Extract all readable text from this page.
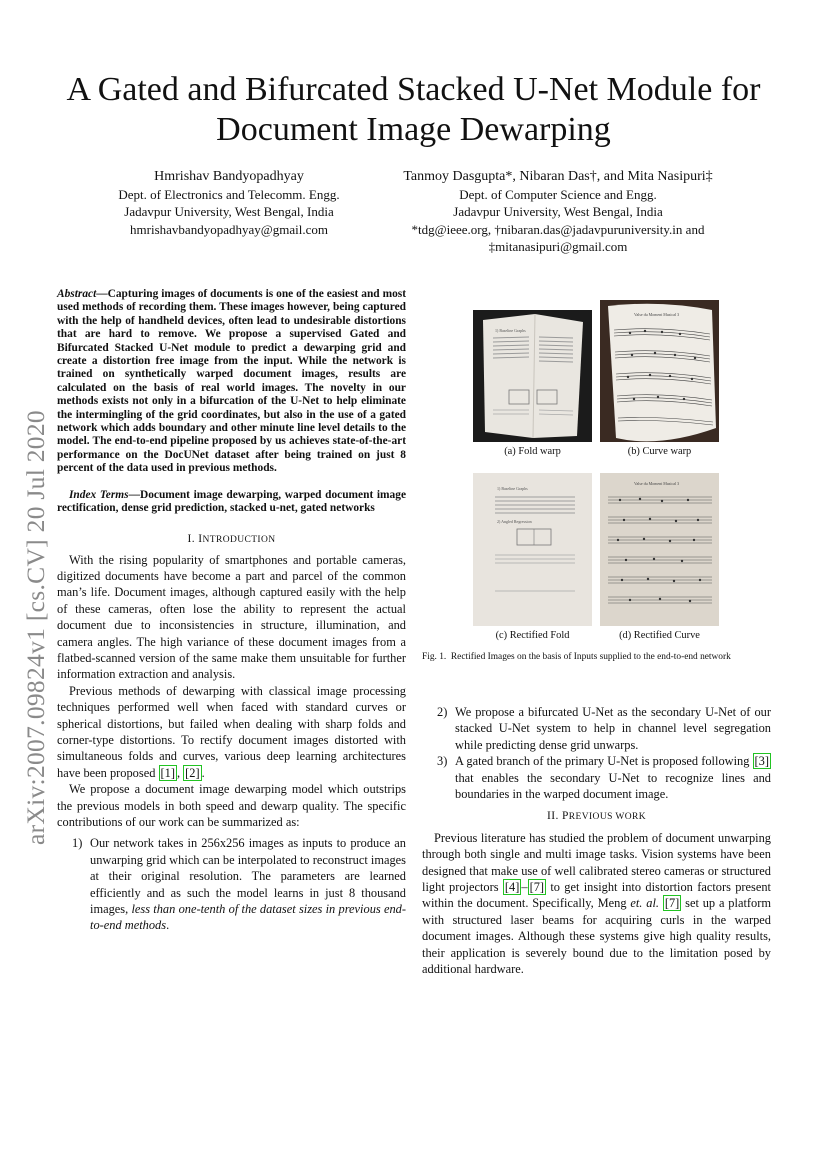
A Gated and Bifurcated Stacked U-Net Module for
Document Image Dewarping
Hmrishav Bandyopadhyay
Dept. of Electronics and Telecomm. Engg.
Jadavpur University, West Bengal, India
hmrishavbandyopadhyay@gmail.com
Tanmoy Dasgupta*, Nibaran Das†, and Mita Nasipuri‡
Dept. of Computer Science and Engg.
Jadavpur University, West Bengal, India
*tdg@ieee.org, †nibaran.das@jadavpuruniversity.in and
‡mitanasipuri@gmail.com
arXiv:2007.09824v1 [cs.CV] 20 Jul 2020
Abstract—Capturing images of documents is one of the easiest and most used methods of recording them. These images however, being captured with the help of handheld devices, often lead to undesirable distortions that are hard to remove. We propose a supervised Gated and Bifurcated Stacked U-Net module to predict a dewarping grid and create a distortion free image from the input. While the network is trained on synthetically warped document images, results are calculated on the basis of real world images. The novelty in our methods exists not only in a bifurcation of the U-Net to help eliminate the intermingling of the grid coordinates, but also in the use of a gated network which adds boundary and other minute line level details to the model. The end-to-end pipeline proposed by us achieves state-of-the-art performance on the DocUNet dataset after being trained on just 8 percent of the data used in previous methods.
Index Terms—Document image dewarping, warped document image rectification, dense grid prediction, stacked u-net, gated networks
I. INTRODUCTION

With the rising popularity of smartphones and portable cameras, digitized documents have become a part and parcel of the common man’s life. Document images, although captured easily with the help of these cameras, often lose the ability to represent the actual document due to inconsistencies in structure, illumination, and camera angles. The high variance of these document images from a flatbed-scanned version of the same make them unsuitable for further information extraction and analysis.

Previous methods of dewarping with classical image processing techniques performed well when faced with standard curves or spherical distortions, but failed when dealing with sharp folds and corner-type distortions. To rectify document images distorted with simultaneous folds and curves, various deep learning architectures have been proposed [1] , [2] .

We propose a document image dewarping model which outstrips the previous models in both speed and dewarp quality. The specific contributions of our work can be summarized as:

1) Our network takes in 256x256 images as inputs to produce an unwarping grid which can be interpolated to reconstruct images at their original resolution. The parameters are learned efficiently and as such the model learns in just 8 thousand images, less than one-tenth of the dataset sizes in previous end-to-end methods.
1) Baseline Graphs
Valse du Moment Musical 3
(a) Fold warp	(b) Curve warp
1) Baseline Graphs
2) Angled Regression
Valse du Moment Musical 3
(c) Rectified Fold	(d) Rectified Curve
Fig. 1. Rectified Images on the basis of Inputs supplied to the end-to-end network
2) We propose a bifurcated U-Net as the secondary U-Net of our stacked U-Net system to help in channel level segregation while predicting dense grid unwarps.
3) A gated branch of the primary U-Net is proposed following [3] that enables the secondary U-Net to recognize lines and boundaries in the warped document image.
II. PREVIOUS WORK

Previous literature has studied the problem of document unwarping through both single and multi image tasks. Vision systems have been designed that make use of well calibrated stereo cameras or structured light projectors [4] – [7] to get insight into distortion factors present within the document. Specifically, Meng et. al. [7] set up a platform with structured laser beams for acquiring curls in the warped document images. Although these systems give high quality results, their application is severely bound due to the limitation posed by additional hardware.
